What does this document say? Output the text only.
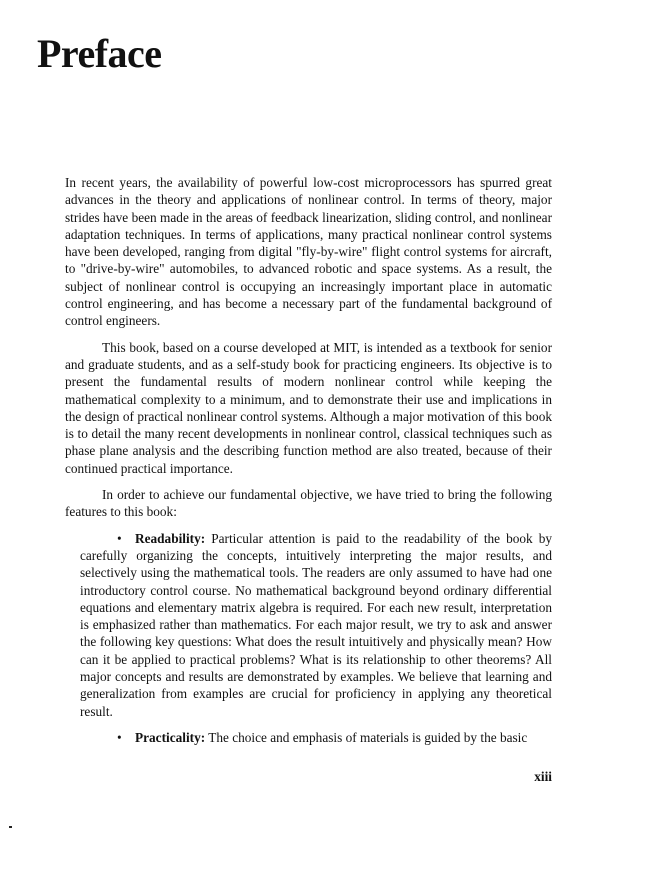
Preface

In recent years, the availability of powerful low-cost microprocessors has spurred great advances in the theory and applications of nonlinear control. In terms of theory, major strides have been made in the areas of feedback linearization, sliding control, and nonlinear adaptation techniques. In terms of applications, many practical nonlinear control systems have been developed, ranging from digital "fly-by-wire" flight control systems for aircraft, to "drive-by-wire" automobiles, to advanced robotic and space systems. As a result, the subject of nonlinear control is occupying an increasingly important place in automatic control engineering, and has become a necessary part of the fundamental background of control engineers.

This book, based on a course developed at MIT, is intended as a textbook for senior and graduate students, and as a self-study book for practicing engineers. Its objective is to present the fundamental results of modern nonlinear control while keeping the mathematical complexity to a minimum, and to demonstrate their use and implications in the design of practical nonlinear control systems. Although a major motivation of this book is to detail the many recent developments in nonlinear control, classical techniques such as phase plane analysis and the describing function method are also treated, because of their continued practical importance.

In order to achieve our fundamental objective, we have tried to bring the following features to this book:

• Readability: Particular attention is paid to the readability of the book by carefully organizing the concepts, intuitively interpreting the major results, and selectively using the mathematical tools. The readers are only assumed to have had one introductory control course. No mathematical background beyond ordinary differential equations and elementary matrix algebra is required. For each new result, interpretation is emphasized rather than mathematics. For each major result, we try to ask and answer the following key questions: What does the result intuitively and physically mean? How can it be applied to practical problems? What is its relationship to other theorems? All major concepts and results are demonstrated by examples. We believe that learning and generalization from examples are crucial for proficiency in applying any theoretical result.
• Practicality: The choice and emphasis of materials is guided by the basic
xiii
